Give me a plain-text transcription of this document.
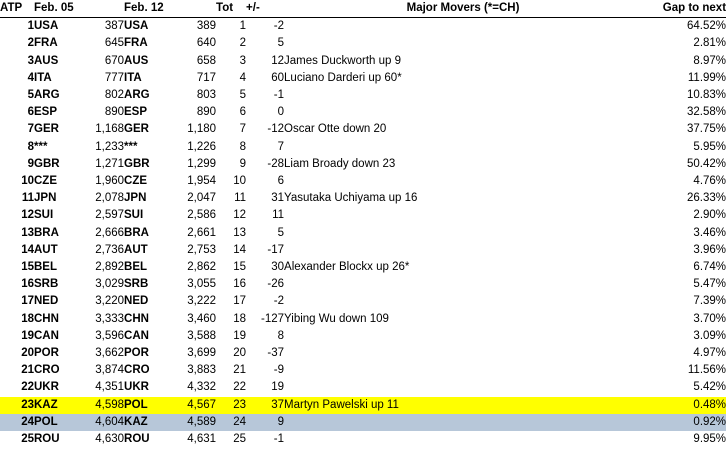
ATP	Feb. 05		Feb. 12		Tot	+/-	Major Movers (*=CH)	Gap to next
1	USA	387	USA	389	1	-2		64.52%
2	FRA	645	FRA	640	2	5		2.81%
3	AUS	670	AUS	658	3	12	James Duckworth up 9	8.97%
4	ITA	777	ITA	717	4	60	Luciano Darderi up 60*	11.99%
5	ARG	802	ARG	803	5	-1		10.83%
6	ESP	890	ESP	890	6	0		32.58%
7	GER	1,168	GER	1,180	7	-12	Oscar Otte down 20	37.75%
8	***	1,233	***	1,226	8	7		5.95%
9	GBR	1,271	GBR	1,299	9	-28	Liam Broady down 23	50.42%
10	CZE	1,960	CZE	1,954	10	6		4.76%
11	JPN	2,078	JPN	2,047	11	31	Yasutaka Uchiyama up 16	26.33%
12	SUI	2,597	SUI	2,586	12	11		2.90%
13	BRA	2,666	BRA	2,661	13	5		3.46%
14	AUT	2,736	AUT	2,753	14	-17		3.96%
15	BEL	2,892	BEL	2,862	15	30	Alexander Blockx up 26*	6.74%
16	SRB	3,029	SRB	3,055	16	-26		5.47%
17	NED	3,220	NED	3,222	17	-2		7.39%
18	CHN	3,333	CHN	3,460	18	-127	Yibing Wu down 109	3.70%
19	CAN	3,596	CAN	3,588	19	8		3.09%
20	POR	3,662	POR	3,699	20	-37		4.97%
21	CRO	3,874	CRO	3,883	21	-9		11.56%
22	UKR	4,351	UKR	4,332	22	19		5.42%
23	KAZ	4,598	POL	4,567	23	37	Martyn Pawelski up 11	0.48%
24	POL	4,604	KAZ	4,589	24	9		0.92%
25	ROU	4,630	ROU	4,631	25	-1		9.95%
